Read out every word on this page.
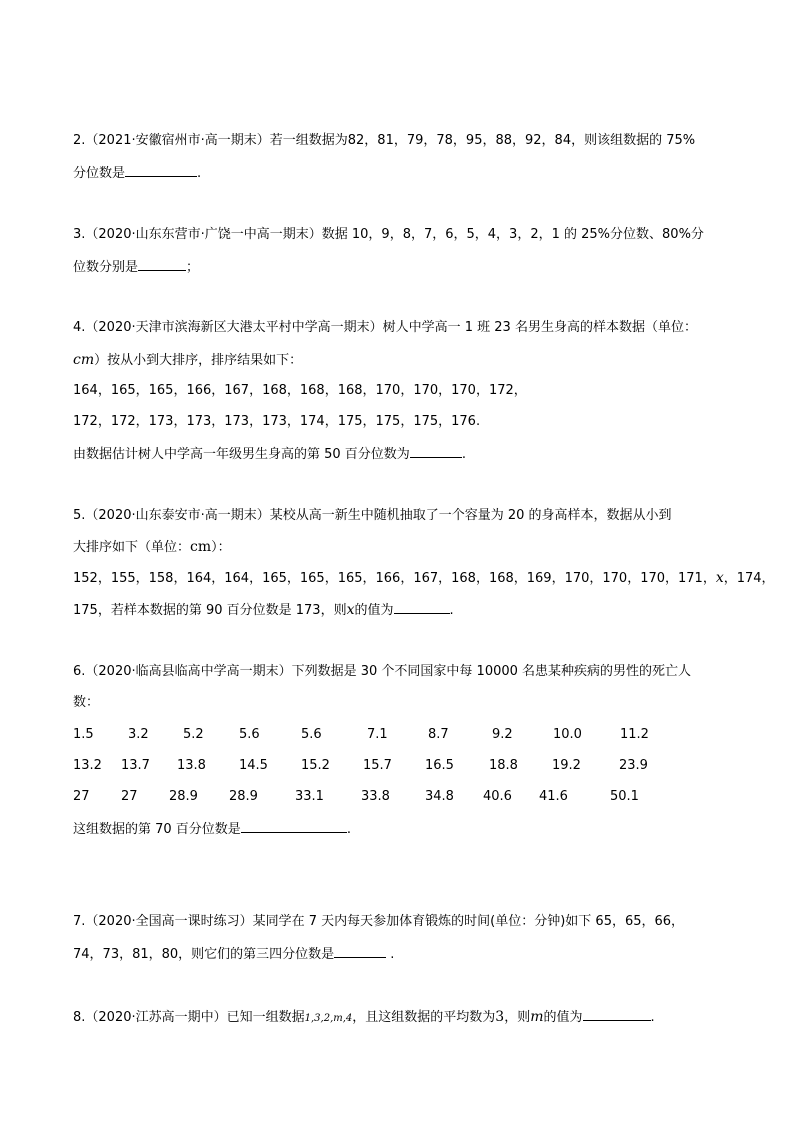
2.（2021·安徽宿州市·高一期末）若一组数据为82，81，79，78，95，88，92，84，则该组数据的 75%
分位数是	.
3.（2020·山东东营市·广饶一中高一期末）数据 10，9，8，7，6，5，4，3，2，1 的 25%分位数、80%分
位数分别是	；
4.（2020·天津市滨海新区大港太平村中学高一期末）树人中学高一 1 班 23 名男生身高的样本数据（单位：
cm）按从小到大排序，排序结果如下：
164，165，165，166，167，168，168，168，170，170，170，172，
172，172，173，173，173，173，174，175，175，175，176.
由数据估计树人中学高一年级男生身高的第 50 百分位数为	.
5.（2020·山东泰安市·高一期末）某校从高一新生中随机抽取了一个容量为 20 的身高样本，数据从小到
大排序如下（单位：cm）：
152，155，158，164，164，165，165，165，166，167，168，168，169，170，170，170，171，x，174，
175，若样本数据的第 90 百分位数是 173，则x的值为	.
6.（2020·临高县临高中学高一期末）下列数据是 30 个不同国家中每 10000 名患某种疾病的男性的死亡人
数：
1.5	3.2	5.2	5.6	5.6	7.1	8.7	9.2	10.0	11.2
13.2 13.7 13.8	14.5	15.2	15.7	16.5	18.8	19.2	23.9
27 27 28.9 28.9	33.1	33.8	34.8 40.6 41.6	50.1
这组数据的第 70 百分位数是	.
7.（2020·全国高一课时练习）某同学在 7 天内每天参加体育锻炼的时间(单位：分钟)如下 65，65，66，
74，73，81，80，则它们的第三四分位数是	.
8.（2020·江苏高一期中）已知一组数据1,3,2,m,4，且这组数据的平均数为3，则m的值为	.
